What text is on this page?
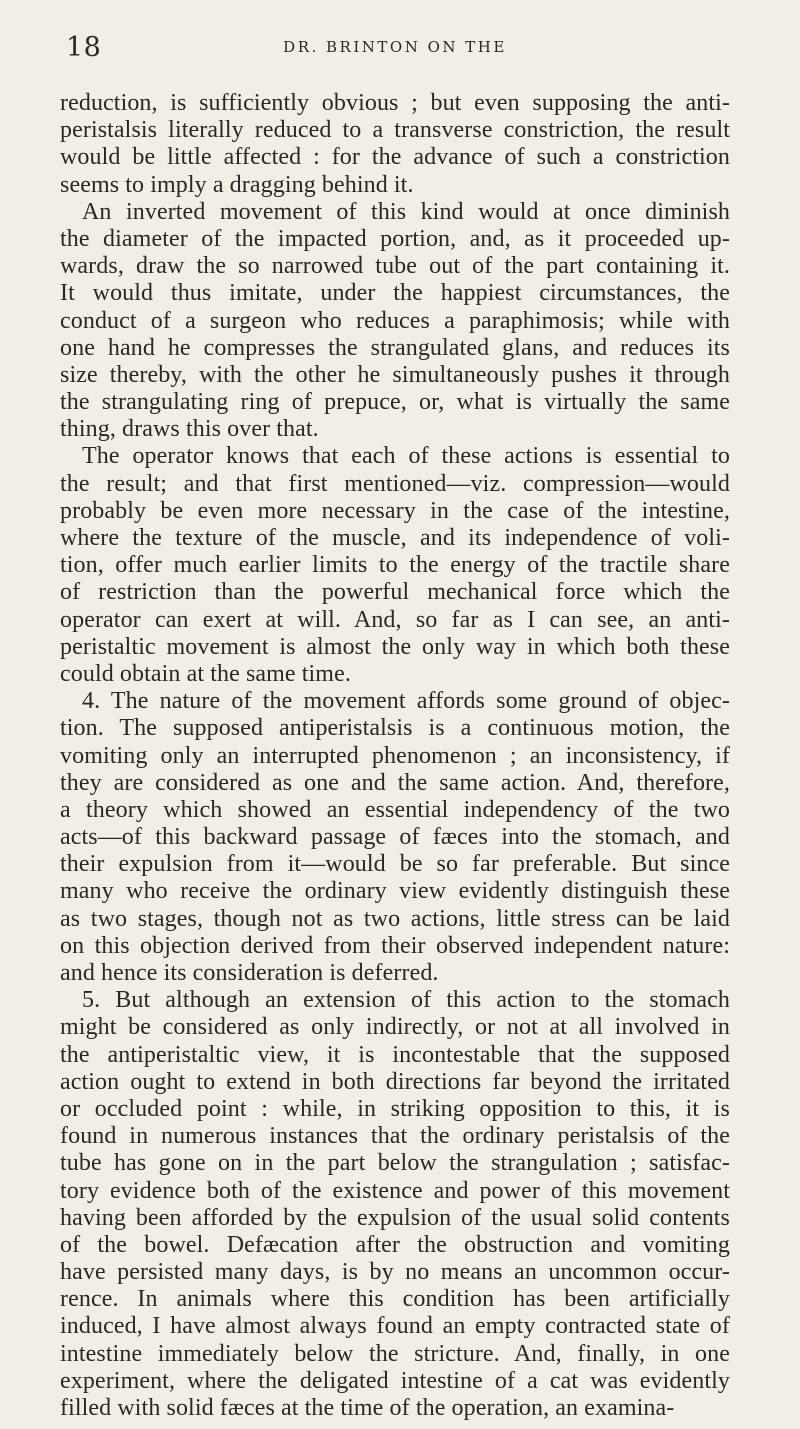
18	DR. BRINTON ON THE
reduction, is sufficiently obvious ; but even supposing the anti-
peristalsis literally reduced to a transverse constriction, the result
would be little affected : for the advance of such a constriction
seems to imply a dragging behind it.
An inverted movement of this kind would at once diminish
the diameter of the impacted portion, and, as it proceeded up-
wards, draw the so narrowed tube out of the part containing it.
It would thus imitate, under the happiest circumstances, the
conduct of a surgeon who reduces a paraphimosis; while with
one hand he compresses the strangulated glans, and reduces its
size thereby, with the other he simultaneously pushes it through
the strangulating ring of prepuce, or, what is virtually the same
thing, draws this over that.
The operator knows that each of these actions is essential to
the result; and that first mentioned—viz. compression—would
probably be even more necessary in the case of the intestine,
where the texture of the muscle, and its independence of voli-
tion, offer much earlier limits to the energy of the tractile share
of restriction than the powerful mechanical force which the
operator can exert at will. And, so far as I can see, an anti-
peristaltic movement is almost the only way in which both these
could obtain at the same time.
4. The nature of the movement affords some ground of objec-
tion. The supposed antiperistalsis is a continuous motion, the
vomiting only an interrupted phenomenon ; an inconsistency, if
they are considered as one and the same action. And, therefore,
a theory which showed an essential independency of the two
acts—of this backward passage of fæces into the stomach, and
their expulsion from it—would be so far preferable. But since
many who receive the ordinary view evidently distinguish these
as two stages, though not as two actions, little stress can be laid
on this objection derived from their observed independent nature:
and hence its consideration is deferred.
5. But although an extension of this action to the stomach
might be considered as only indirectly, or not at all involved in
the antiperistaltic view, it is incontestable that the supposed
action ought to extend in both directions far beyond the irritated
or occluded point : while, in striking opposition to this, it is
found in numerous instances that the ordinary peristalsis of the
tube has gone on in the part below the strangulation ; satisfac-
tory evidence both of the existence and power of this movement
having been afforded by the expulsion of the usual solid contents
of the bowel. Defæcation after the obstruction and vomiting
have persisted many days, is by no means an uncommon occur-
rence. In animals where this condition has been artificially
induced, I have almost always found an empty contracted state of
intestine immediately below the stricture. And, finally, in one
experiment, where the deligated intestine of a cat was evidently
filled with solid fæces at the time of the operation, an examina-
